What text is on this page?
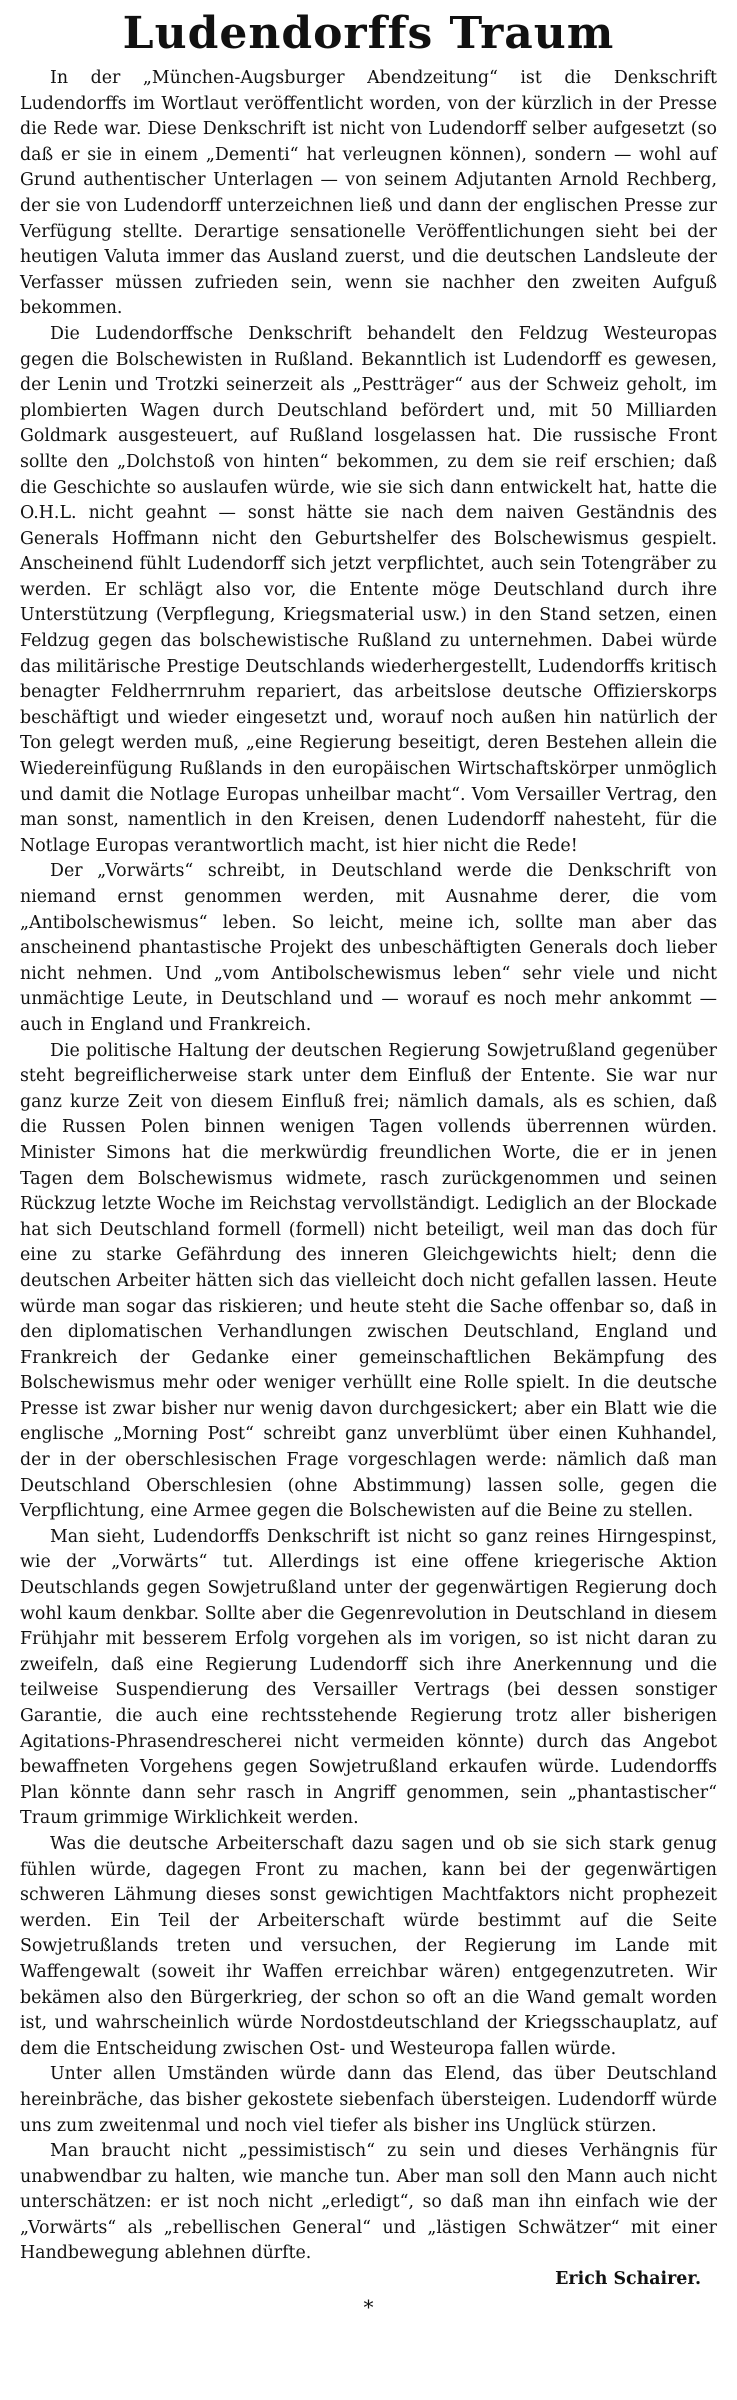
Ludendorffs Traum

In der „München-Augsburger Abendzeitung“ ist die Denkschrift Ludendorffs im Wortlaut veröffentlicht worden, von der kürzlich in der Presse die Rede war. Diese Denkschrift ist nicht von Ludendorff selber aufgesetzt (so daß er sie in einem „Dementi“ hat verleugnen können), sondern — wohl auf Grund authentischer Unterlagen — von seinem Adjutanten Arnold Rechberg, der sie von Ludendorff unterzeichnen ließ und dann der englischen Presse zur Verfügung stellte. Derartige sensationelle Veröffentlichungen sieht bei der heutigen Valuta immer das Ausland zuerst, und die deutschen Landsleute der Verfasser müssen zufrieden sein, wenn sie nachher den zweiten Aufguß bekommen.

Die Ludendorffsche Denkschrift behandelt den Feldzug Westeuropas gegen die Bolschewisten in Rußland. Bekanntlich ist Ludendorff es gewesen, der Lenin und Trotzki seinerzeit als „Pestträger“ aus der Schweiz geholt, im plombierten Wagen durch Deutschland befördert und, mit 50 Milliarden Goldmark ausgesteuert, auf Rußland losgelassen hat. Die russische Front sollte den „Dolchstoß von hinten“ bekommen, zu dem sie reif erschien; daß die Geschichte so auslaufen würde, wie sie sich dann entwickelt hat, hatte die O.H.L. nicht geahnt — sonst hätte sie nach dem naiven Geständnis des Generals Hoffmann nicht den Geburtshelfer des Bolschewismus gespielt. Anscheinend fühlt Ludendorff sich jetzt verpflichtet, auch sein Totengräber zu werden. Er schlägt also vor, die Entente möge Deutschland durch ihre Unterstützung (Verpflegung, Kriegsmaterial usw.) in den Stand setzen, einen Feldzug gegen das bolschewistische Rußland zu unternehmen. Dabei würde das militärische Prestige Deutschlands wiederhergestellt, Ludendorffs kritisch benagter Feldherrnruhm repariert, das arbeitslose deutsche Offizierskorps beschäftigt und wieder eingesetzt und, worauf noch außen hin natürlich der Ton gelegt werden muß, „eine Regierung beseitigt, deren Bestehen allein die Wiedereinfügung Rußlands in den europäischen Wirtschaftskörper unmöglich und damit die Notlage Europas unheilbar macht“. Vom Versailler Vertrag, den man sonst, namentlich in den Kreisen, denen Ludendorff nahesteht, für die Notlage Europas verantwortlich macht, ist hier nicht die Rede!

Der „Vorwärts“ schreibt, in Deutschland werde die Denkschrift von niemand ernst genommen werden, mit Ausnahme derer, die vom „Antibolschewismus“ leben. So leicht, meine ich, sollte man aber das anscheinend phantastische Projekt des unbeschäftigten Generals doch lieber nicht nehmen. Und „vom Antibolschewismus leben“ sehr viele und nicht unmächtige Leute, in Deutschland und — worauf es noch mehr ankommt — auch in England und Frankreich.

Die politische Haltung der deutschen Regierung Sowjetrußland gegenüber steht begreiflicherweise stark unter dem Einfluß der Entente. Sie war nur ganz kurze Zeit von diesem Einfluß frei; nämlich damals, als es schien, daß die Russen Polen binnen wenigen Tagen vollends überrennen würden. Minister Simons hat die merkwürdig freundlichen Worte, die er in jenen Tagen dem Bolschewismus widmete, rasch zurückgenommen und seinen Rückzug letzte Woche im Reichstag vervollständigt. Lediglich an der Blockade hat sich Deutschland formell (formell) nicht beteiligt, weil man das doch für eine zu starke Gefährdung des inneren Gleichgewichts hielt; denn die deutschen Arbeiter hätten sich das vielleicht doch nicht gefallen lassen. Heute würde man sogar das riskieren; und heute steht die Sache offenbar so, daß in den diplomatischen Verhandlungen zwischen Deutschland, England und Frankreich der Gedanke einer gemeinschaftlichen Bekämpfung des Bolschewismus mehr oder weniger verhüllt eine Rolle spielt. In die deutsche Presse ist zwar bisher nur wenig davon durchgesickert; aber ein Blatt wie die englische „Morning Post“ schreibt ganz unverblümt über einen Kuhhandel, der in der oberschlesischen Frage vorgeschlagen werde: nämlich daß man Deutschland Oberschlesien (ohne Abstimmung) lassen solle, gegen die Verpflichtung, eine Armee gegen die Bolschewisten auf die Beine zu stellen.

Man sieht, Ludendorffs Denkschrift ist nicht so ganz reines Hirngespinst, wie der „Vorwärts“ tut. Allerdings ist eine offene kriegerische Aktion Deutschlands gegen Sowjetrußland unter der gegenwärtigen Regierung doch wohl kaum denkbar. Sollte aber die Gegenrevolution in Deutschland in diesem Frühjahr mit besserem Erfolg vorgehen als im vorigen, so ist nicht daran zu zweifeln, daß eine Regierung Ludendorff sich ihre Anerkennung und die teilweise Suspendierung des Versailler Vertrags (bei dessen sonstiger Garantie, die auch eine rechtsstehende Regierung trotz aller bisherigen Agitations-Phrasendrescherei nicht vermeiden könnte) durch das Angebot bewaffneten Vorgehens gegen Sowjetrußland erkaufen würde. Ludendorffs Plan könnte dann sehr rasch in Angriff genommen, sein „phantastischer“ Traum grimmige Wirklichkeit werden.

Was die deutsche Arbeiterschaft dazu sagen und ob sie sich stark genug fühlen würde, dagegen Front zu machen, kann bei der gegenwärtigen schweren Lähmung dieses sonst gewichtigen Machtfaktors nicht prophezeit werden. Ein Teil der Arbeiterschaft würde bestimmt auf die Seite Sowjetrußlands treten und versuchen, der Regierung im Lande mit Waffengewalt (soweit ihr Waffen erreichbar wären) entgegenzutreten. Wir bekämen also den Bürgerkrieg, der schon so oft an die Wand gemalt worden ist, und wahrscheinlich würde Nordostdeutschland der Kriegsschauplatz, auf dem die Entscheidung zwischen Ost- und Westeuropa fallen würde.

Unter allen Umständen würde dann das Elend, das über Deutschland hereinbräche, das bisher gekostete siebenfach übersteigen. Ludendorff würde uns zum zweitenmal und noch viel tiefer als bisher ins Unglück stürzen.

Man braucht nicht „pessimistisch“ zu sein und dieses Verhängnis für unabwendbar zu halten, wie manche tun. Aber man soll den Mann auch nicht unterschätzen: er ist noch nicht „erledigt“, so daß man ihn einfach wie der „Vorwärts“ als „rebellischen General“ und „lästigen Schwätzer“ mit einer Handbewegung ablehnen dürfte.

Erich Schairer.

*
